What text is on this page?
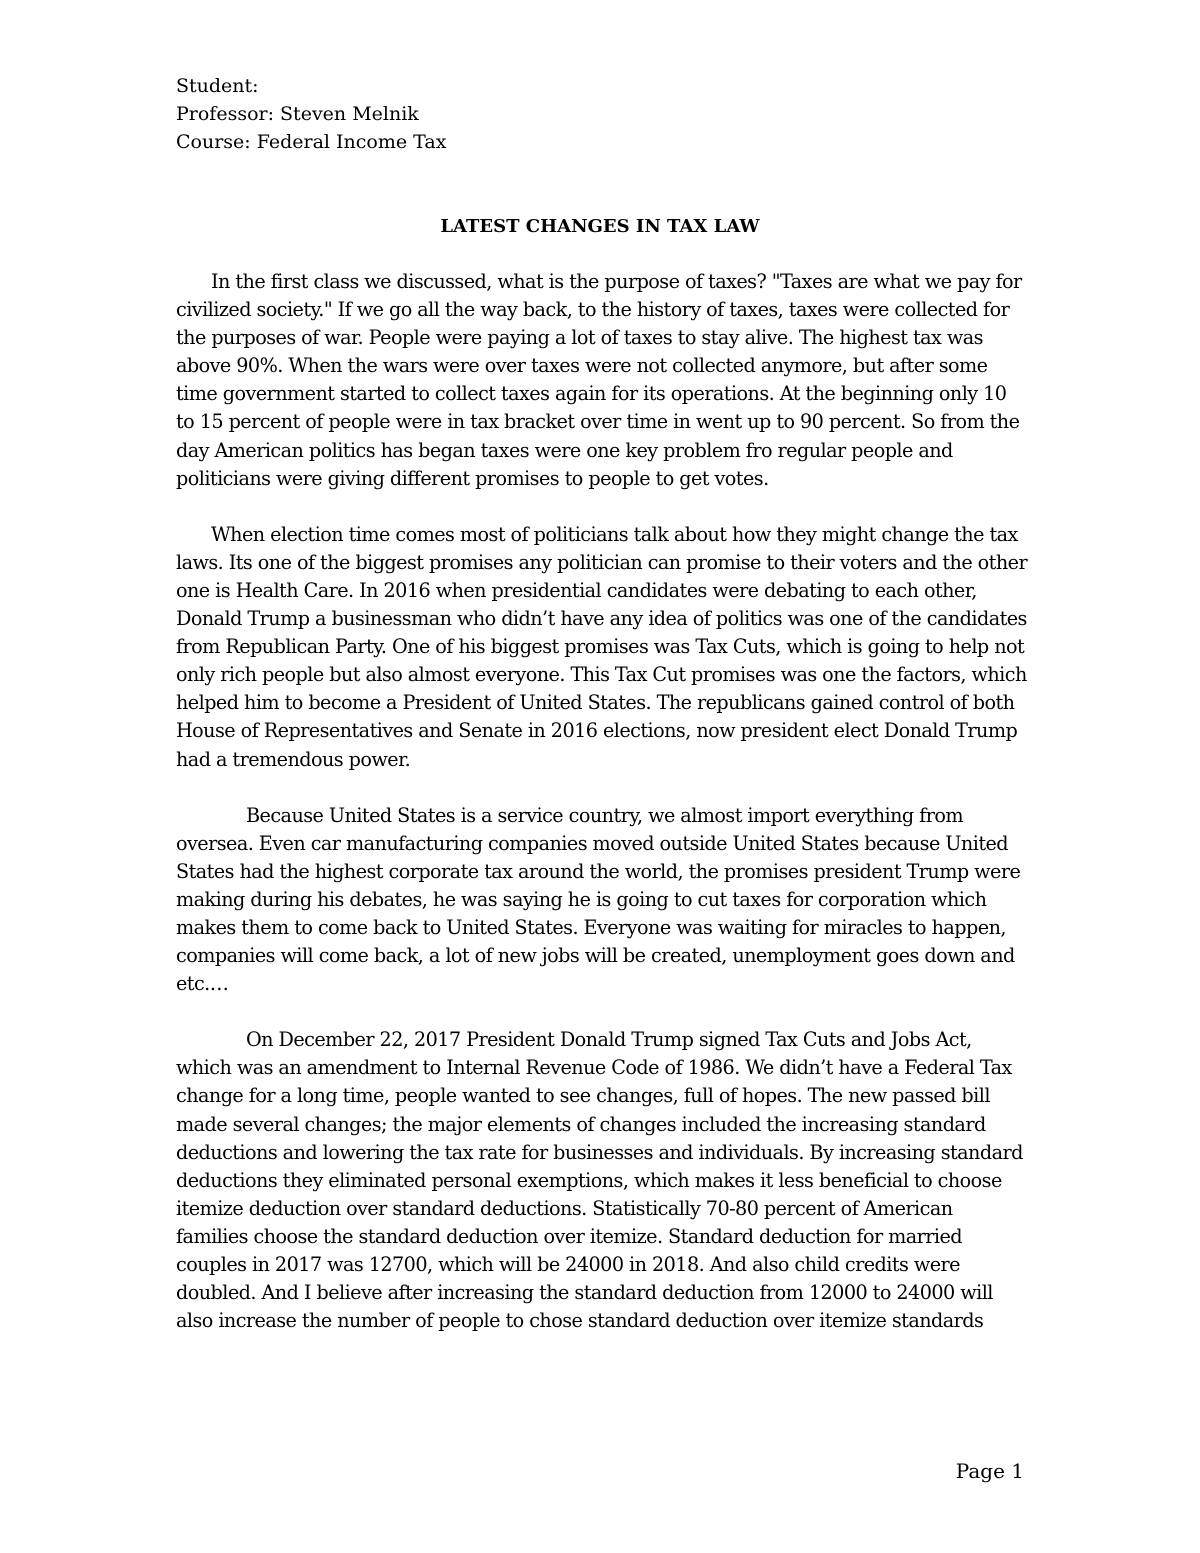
Student:
Professor: Steven Melnik
Course: Federal Income Tax
LATEST CHANGES IN TAX LAW

In the first class we discussed, what is the purpose of taxes? "Taxes are what we pay for civilized society." If we go all the way back, to the history of taxes, taxes were collected for the purposes of war. People were paying a lot of taxes to stay alive. The highest tax was above 90%. When the wars were over taxes were not collected anymore, but after some time government started to collect taxes again for its operations. At the beginning only 10 to 15 percent of people were in tax bracket over time in went up to 90 percent. So from the day American politics has began taxes were one key problem fro regular people and politicians were giving different promises to people to get votes.

When election time comes most of politicians talk about how they might change the tax laws. Its one of the biggest promises any politician can promise to their voters and the other one is Health Care. In 2016 when presidential candidates were debating to each other, Donald Trump a businessman who didn’t have any idea of politics was one of the candidates from Republican Party. One of his biggest promises was Tax Cuts, which is going to help not only rich people but also almost everyone. This Tax Cut promises was one the factors, which helped him to become a President of United States. The republicans gained control of both House of Representatives and Senate in 2016 elections, now president elect Donald Trump had a tremendous power.

Because United States is a service country, we almost import everything from oversea. Even car manufacturing companies moved outside United States because United States had the highest corporate tax around the world, the promises president Trump were making during his debates, he was saying he is going to cut taxes for corporation which makes them to come back to United States. Everyone was waiting for miracles to happen, companies will come back, a lot of new jobs will be created, unemployment goes down and etc.…

On December 22, 2017 President Donald Trump signed Tax Cuts and Jobs Act, which was an amendment to Internal Revenue Code of 1986. We didn’t have a Federal Tax change for a long time, people wanted to see changes, full of hopes. The new passed bill made several changes; the major elements of changes included the increasing standard deductions and lowering the tax rate for businesses and individuals. By increasing standard deductions they eliminated personal exemptions, which makes it less beneficial to choose itemize deduction over standard deductions. Statistically 70-80 percent of American families choose the standard deduction over itemize. Standard deduction for married couples in 2017 was 12700, which will be 24000 in 2018. And also child credits were doubled. And I believe after increasing the standard deduction from 12000 to 24000 will also increase the number of people to chose standard deduction over itemize standards

Page 1
